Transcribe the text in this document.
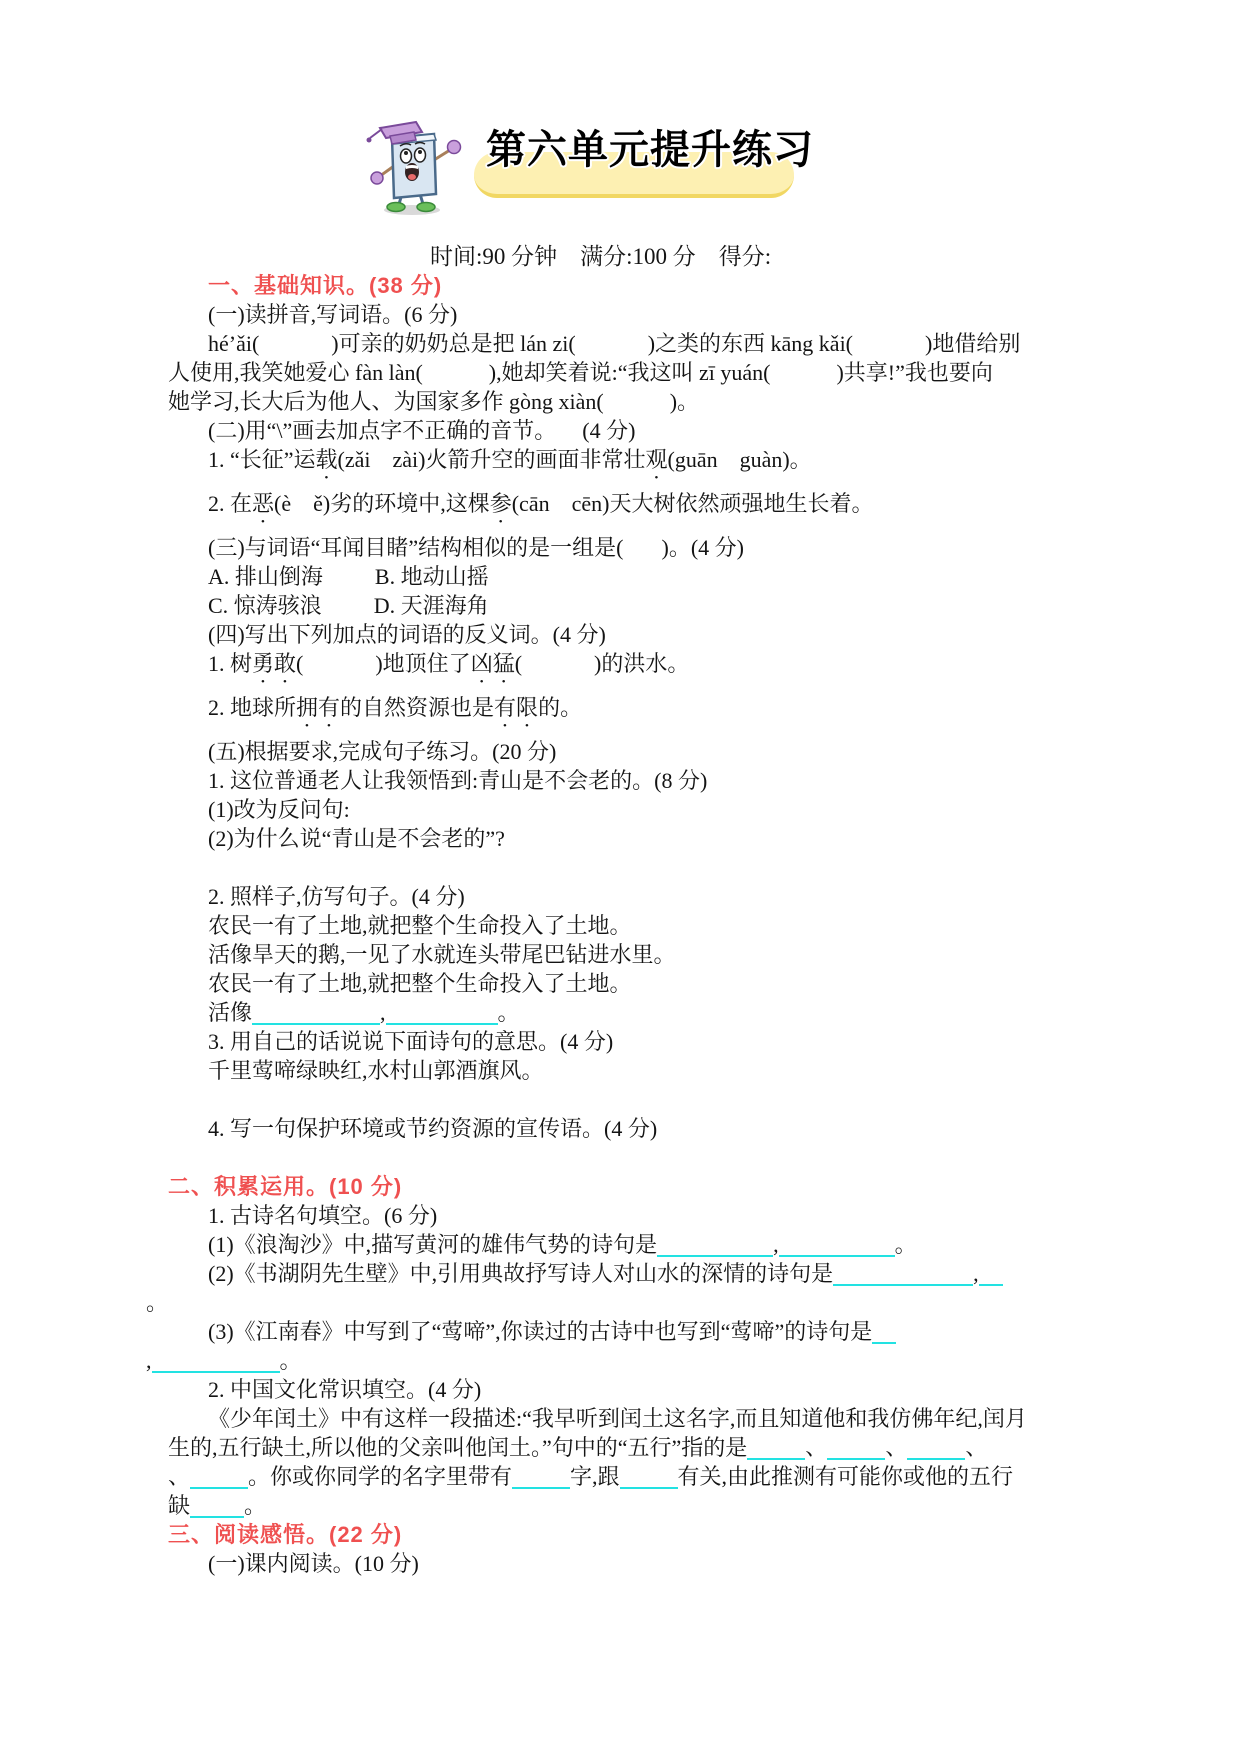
第六单元提升练习
时间:90 分钟　满分:100 分　得分:

一、基础知识。(38 分)

(一)读拼音,写词语。(6 分)

hé’ǎi(	)可亲的奶奶总是把 lán zi(	)之类的东西 kāng kǎi(	)地借给别

人使用,我笑她爱心 fàn làn(	),她却笑着说:“我这叫 zī yuán(	)共享!”我也要向

她学习,长大后为他人、为国家多作 gòng xiàn(	)。

(二)用“\”画去加点字不正确的音节。 (4 分)

1. “长征”运载(zǎi　zài)火箭升空的画面非常壮观(guān　guàn)。

2. 在恶(è　ě)劣的环境中,这棵参(cān　cēn)天大树依然顽强地生长着。

(三)与词语“耳闻目睹”结构相似的是一组是( )。(4 分)

A. 排山倒海 B. 地动山摇

C. 惊涛骇浪 D. 天涯海角

(四)写出下列加点的词语的反义词。(4 分)

1. 树勇敢(	)地顶住了凶猛(	)的洪水。

2. 地球所拥有的自然资源也是有限的。

(五)根据要求,完成句子练习。(20 分)

1. 这位普通老人让我领悟到:青山是不会老的。(8 分)

(1)改为反问句:

(2)为什么说“青山是不会老的”?

2. 照样子,仿写句子。(4 分)

农民一有了土地,就把整个生命投入了土地。

活像旱天的鹅,一见了水就连头带尾巴钻进水里。

农民一有了土地,就把整个生命投入了土地。

活像	,	。

3. 用自己的话说说下面诗句的意思。(4 分)

千里莺啼绿映红,水村山郭酒旗风。

4. 写一句保护环境或节约资源的宣传语。(4 分)

二、积累运用。(10 分)

1. 古诗名句填空。(6 分)

(1)《浪淘沙》中,描写黄河的雄伟气势的诗句是	,	。

(2)《书湖阴先生壁》中,引用典故抒写诗人对山水的深情的诗句是	,

。

(3)《江南春》中写到了“莺啼”,你读过的古诗中也写到“莺啼”的诗句是

,	。

2. 中国文化常识填空。(4 分)

《少年闰土》中有这样一段描述:“我早听到闰土这名字,而且知道他和我仿佛年纪,闰月

生的,五行缺土,所以他的父亲叫他闰土。”句中的“五行”指的是	、	、	、

、	。你或你同学的名字里带有	字,跟	有关,由此推测有可能你或他的五行

缺 。

三、阅读感悟。(22 分)

(一)课内阅读。(10 分)
